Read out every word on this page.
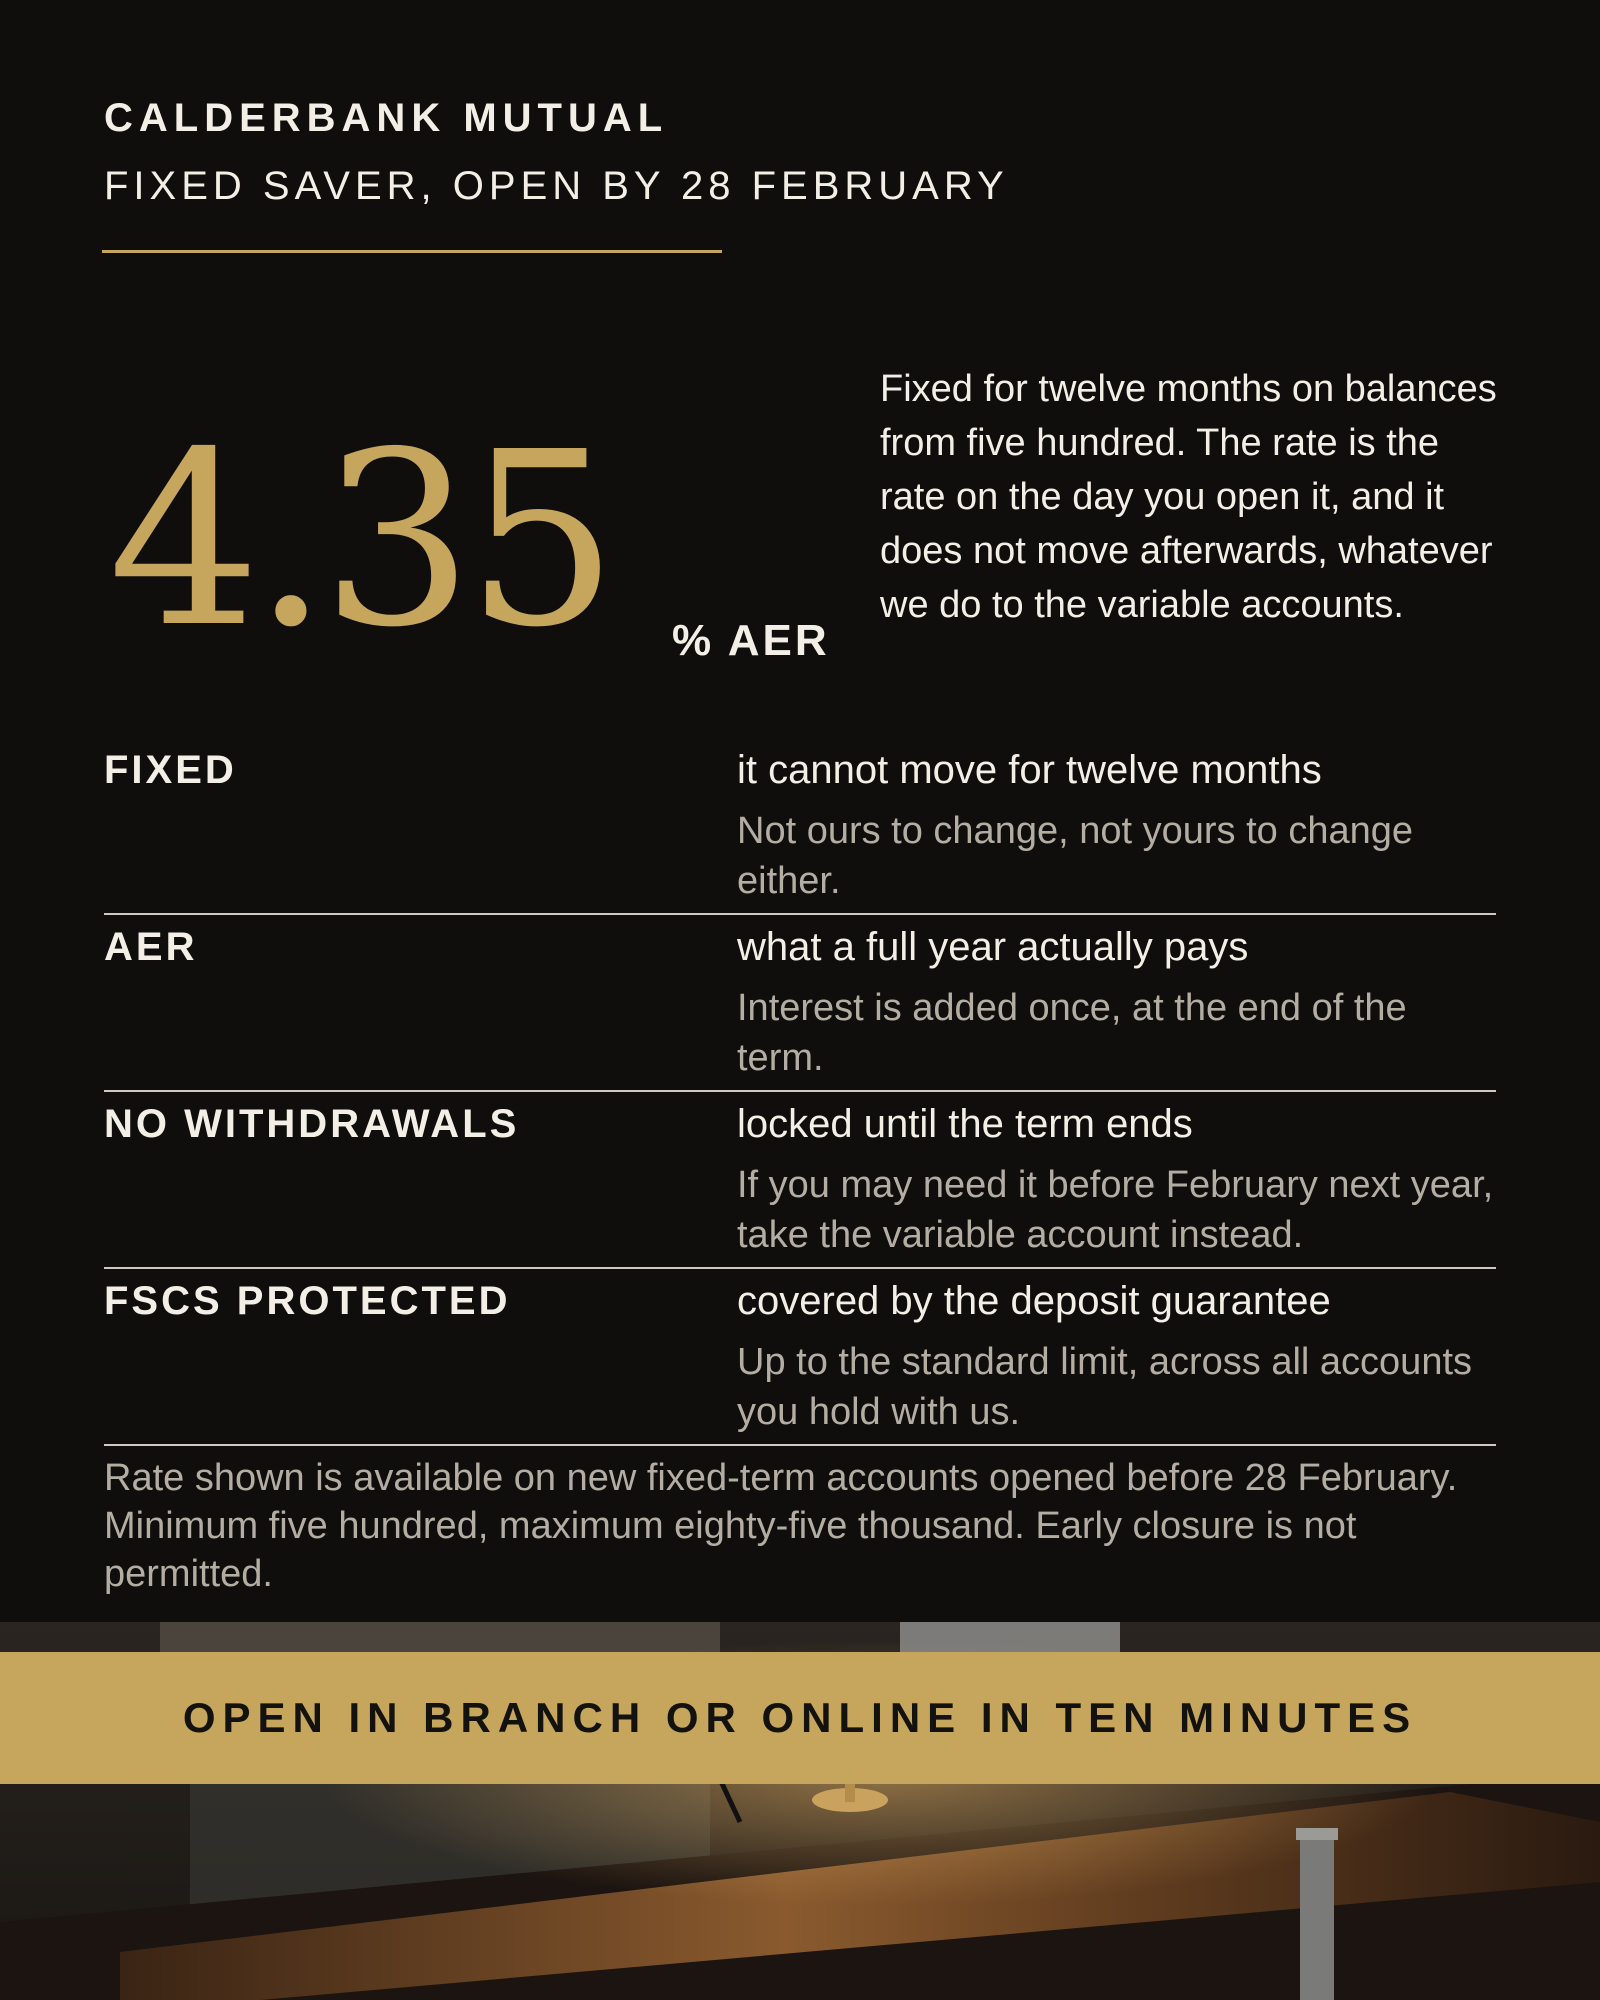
CALDERBANK MUTUAL
FIXED SAVER, OPEN BY 28 FEBRUARY
4.35 % AER
Fixed for twelve months on balances from five hundred. The rate is the rate on the day you open it, and it does not move afterwards, whatever we do to the variable accounts.
FIXED	it cannot move for twelve months
Not ours to change, not yours to change either.
AER	what a full year actually pays
Interest is added once, at the end of the term.
NO WITHDRAWALS	locked until the term ends
If you may need it before February next year, take the variable account instead.
FSCS PROTECTED	covered by the deposit guarantee
Up to the standard limit, across all accounts you hold with us.
Rate shown is available on new fixed-term accounts opened before 28 February. Minimum five hundred, maximum eighty-five thousand. Early closure is not permitted.
OPEN IN BRANCH OR ONLINE IN TEN MINUTES
